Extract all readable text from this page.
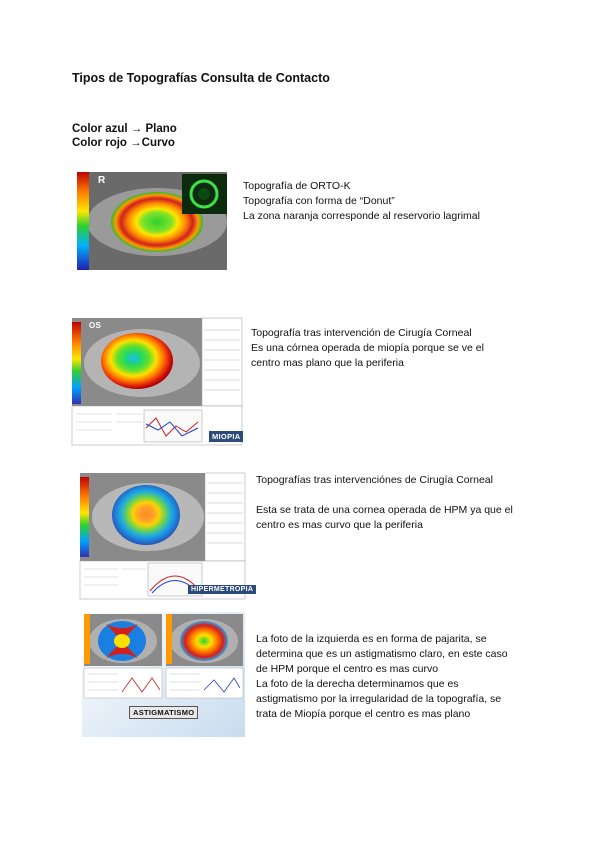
Tipos de Topografías Consulta de Contacto
Color azul → Plano
Color rojo →Curvo
R	Topografía de ORTO-K
Topografía con forma de “Donut”
La zona naranja corresponde al reservorio lagrimal
OS
MIOPIA
Topografía tras intervención de Cirugía Corneal
Es una córnea operada de miopía porque se ve el
centro mas plano que la periferia
HIPERMETROPIA
Topografías tras intervenciónes de Cirugía Corneal
Esta se trata de una cornea operada de HPM ya que el
centro es mas curvo que la periferia
ASTIGMATISMO
La foto de la izquierda es en forma de pajarita, se
determina que es un astigmatismo claro, en este caso
de HPM porque el centro es mas curvo
La foto de la derecha determinamos que es
astigmatismo por la irregularidad de la topografía, se
trata de Miopía porque el centro es mas plano
